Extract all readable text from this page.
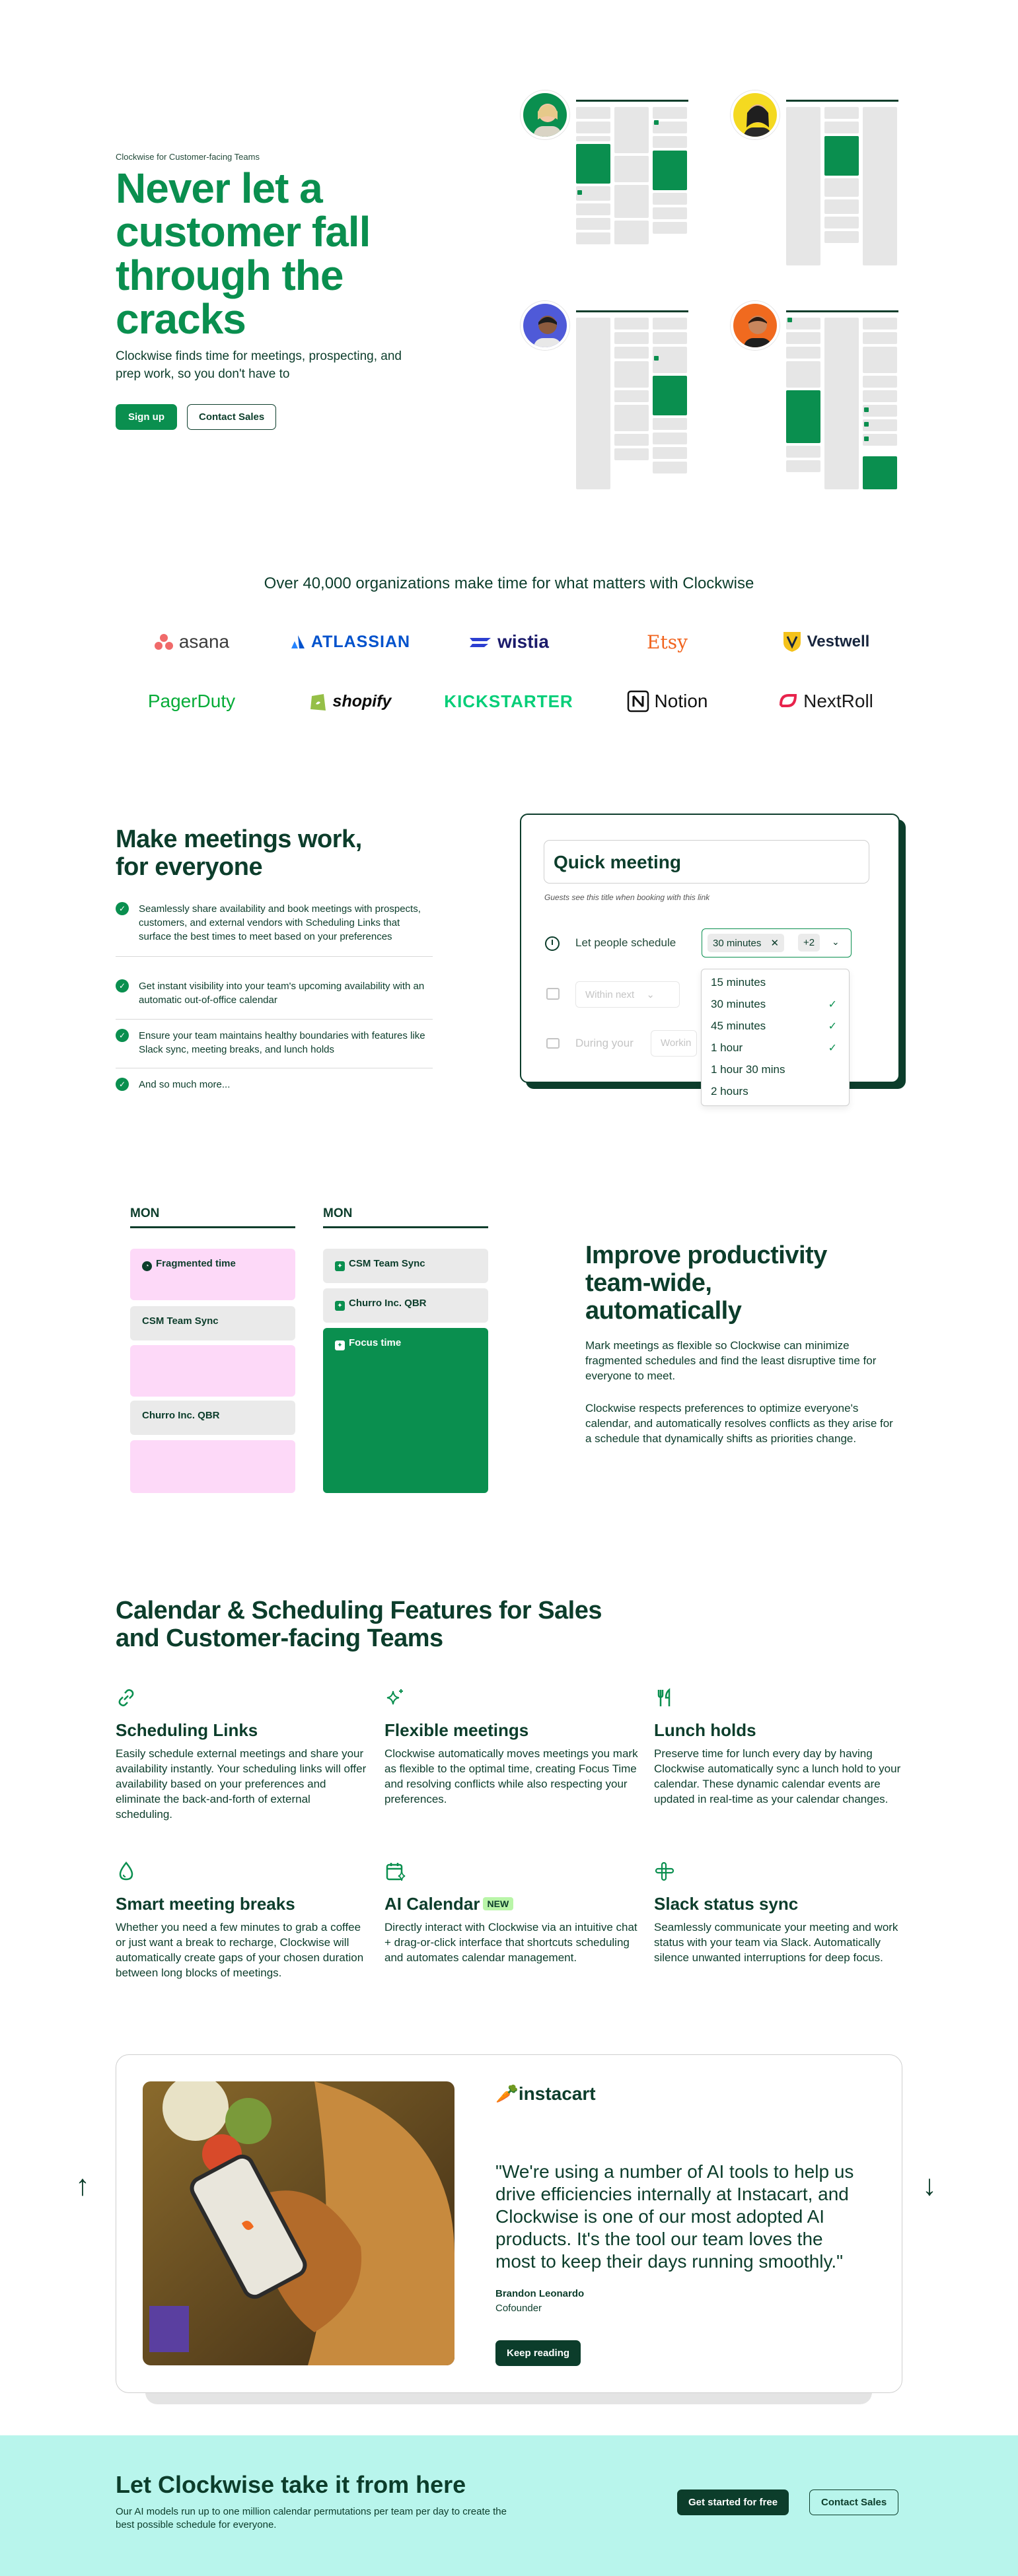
Clockwise for Customer-facing Teams
Never let a customer fall through the cracks

Clockwise finds time for meetings, prospecting, and prep work, so you don't have to

Sign up	Contact Sales

Over 40,000 organizations make time for what matters with Clockwise

asana	ATLASSIAN	wistia	Etsy	Vestwell
PagerDuty	shopify	KICKSTARTER	Notion	NextRoll
Make meetings work, for everyone
✓	Seamlessly share availability and book meetings with prospects, customers, and external vendors with Scheduling Links that surface the best times to meet based on your preferences
✓	Get instant visibility into your team's upcoming availability with an automatic out-of-office calendar
✓	Ensure your team maintains healthy boundaries with features like Slack sync, meeting breaks, and lunch holds
✓	And so much more...
Quick meeting
Guests see this title when booking with this link
Let people schedule	30 minutes ✕	+2	⌄
Within next ⌄
During your	Workin
15 minutes
30 minutes	✓
45 minutes	✓
1 hour	✓
1 hour 30 mins
2 hours
MON	MON
◔ Fragmented time
CSM Team Sync
Churro Inc. QBR
✦ CSM Team Sync
✦ Churro Inc. QBR
✦ Focus time
Improve productivity team-wide, automatically

Mark meetings as flexible so Clockwise can minimize fragmented schedules and find the least disruptive time for everyone to meet.

Clockwise respects preferences to optimize everyone's calendar, and automatically resolves conflicts as they arise for a schedule that dynamically shifts as priorities change.

Calendar & Scheduling Features for Sales and Customer-facing Teams
Scheduling Links
Easily schedule external meetings and share your availability instantly. Your scheduling links will offer availability based on your preferences and eliminate the back-and-forth of external scheduling.
Flexible meetings
Clockwise automatically moves meetings you mark as flexible to the optimal time, creating Focus Time and resolving conflicts while also respecting your preferences.
Lunch holds
Preserve time for lunch every day by having Clockwise automatically sync a lunch hold to your calendar. These dynamic calendar events are updated in real-time as your calendar changes.
Smart meeting breaks
Whether you need a few minutes to grab a coffee or just want a break to recharge, Clockwise will automatically create gaps of your chosen duration between long blocks of meetings.
AI Calendar NEW
Directly interact with Clockwise via an intuitive chat + drag-or-click interface that shortcuts scheduling and automates calendar management.
Slack status sync
Seamlessly communicate your meeting and work status with your team via Slack. Automatically silence unwanted interruptions for deep focus.
🥕instacart

"We're using a number of AI tools to help us drive efficiencies internally at Instacart, and Clockwise is one of our most adopted AI products. It's the tool our team loves the most to keep their days running smoothly."

Brandon Leonardo
Cofounder
Keep reading
↑	↓
Let Clockwise take it from here

Our AI models run up to one million calendar permutations per team per day to create the best possible schedule for everyone.

Get started for free	Contact Sales
